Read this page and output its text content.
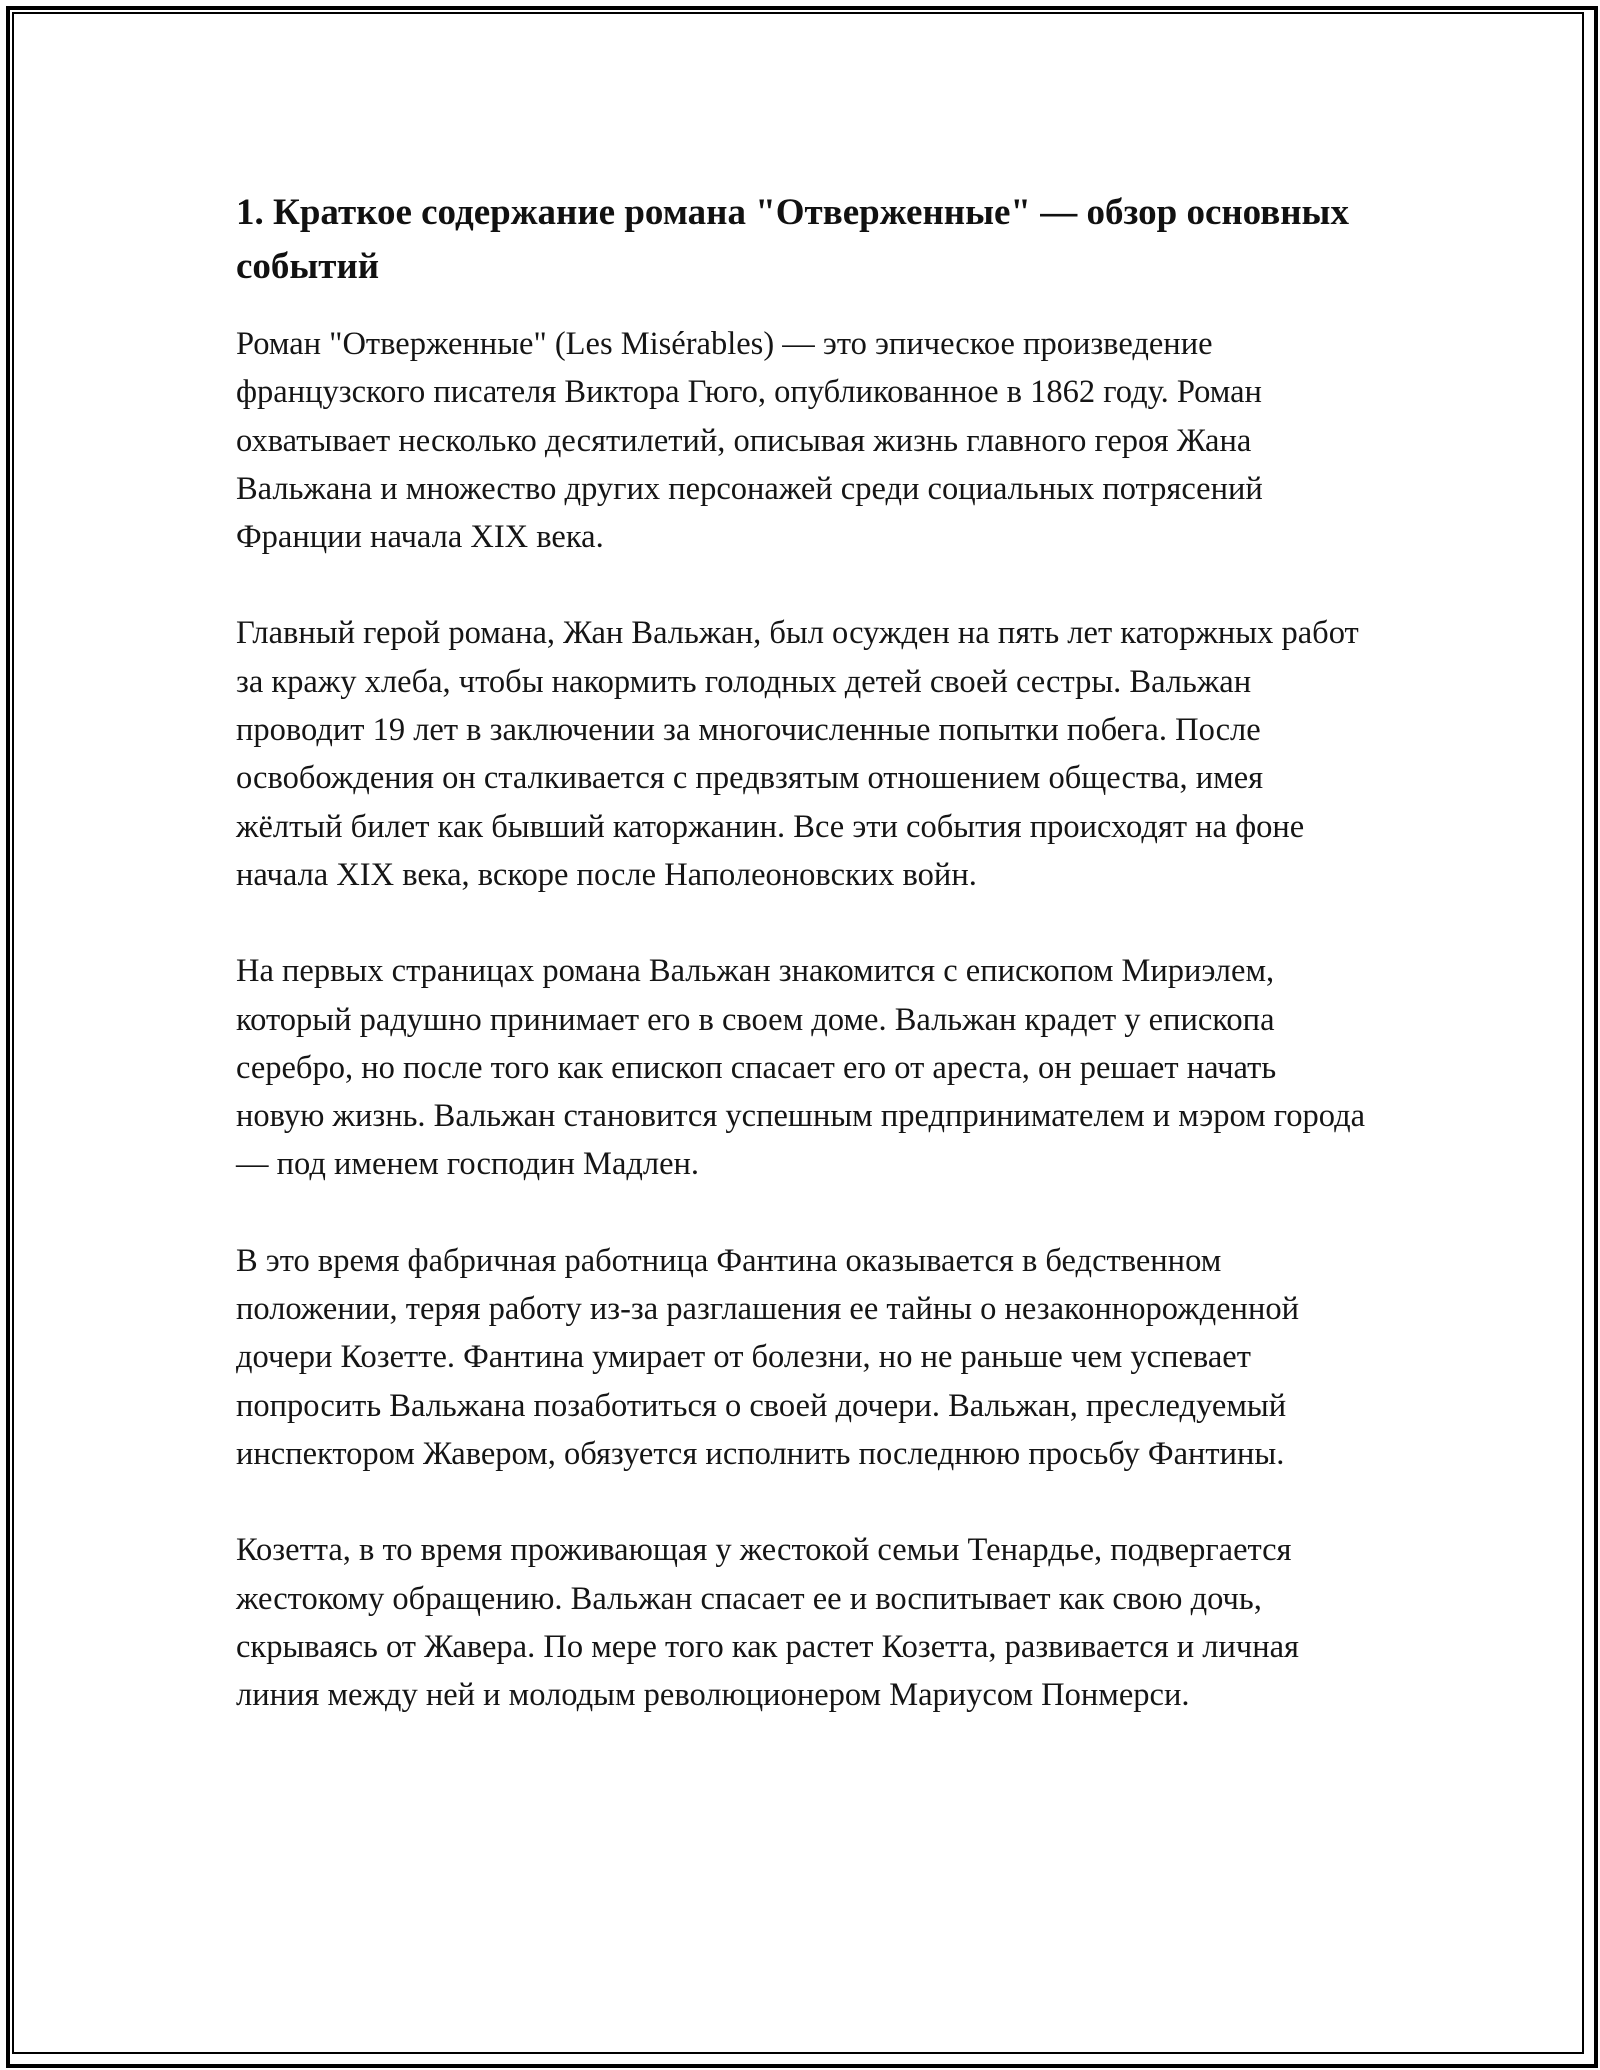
1. Краткое содержание романа "Отверженные" — обзор основных событий

Роман "Отверженные" (Les Misérables) — это эпическое произведение французского писателя Виктора Гюго, опубликованное в 1862 году. Роман охватывает несколько десятилетий, описывая жизнь главного героя Жана Вальжана и множество других персонажей среди социальных потрясений Франции начала XIX века.

Главный герой романа, Жан Вальжан, был осужден на пять лет каторжных работ за кражу хлеба, чтобы накормить голодных детей своей сестры. Вальжан проводит 19 лет в заключении за многочисленные попытки побега. После освобождения он сталкивается с предвзятым отношением общества, имея жёлтый билет как бывший каторжанин. Все эти события происходят на фоне начала XIX века, вскоре после Наполеоновских войн.

На первых страницах романа Вальжан знакомится с епископом Мириэлем, который радушно принимает его в своем доме. Вальжан крадет у епископа серебро, но после того как епископ спасает его от ареста, он решает начать новую жизнь. Вальжан становится успешным предпринимателем и мэром города — под именем господин Мадлен.

В это время фабричная работница Фантина оказывается в бедственном положении, теряя работу из-за разглашения ее тайны о незаконнорожденной дочери Козетте. Фантина умирает от болезни, но не раньше чем успевает попросить Вальжана позаботиться о своей дочери. Вальжан, преследуемый инспектором Жавером, обязуется исполнить последнюю просьбу Фантины.

Козетта, в то время проживающая у жестокой семьи Тенардье, подвергается жестокому обращению. Вальжан спасает ее и воспитывает как свою дочь, скрываясь от Жавера. По мере того как растет Козетта, развивается и личная линия между ней и молодым революционером Мариусом Понмерси.
